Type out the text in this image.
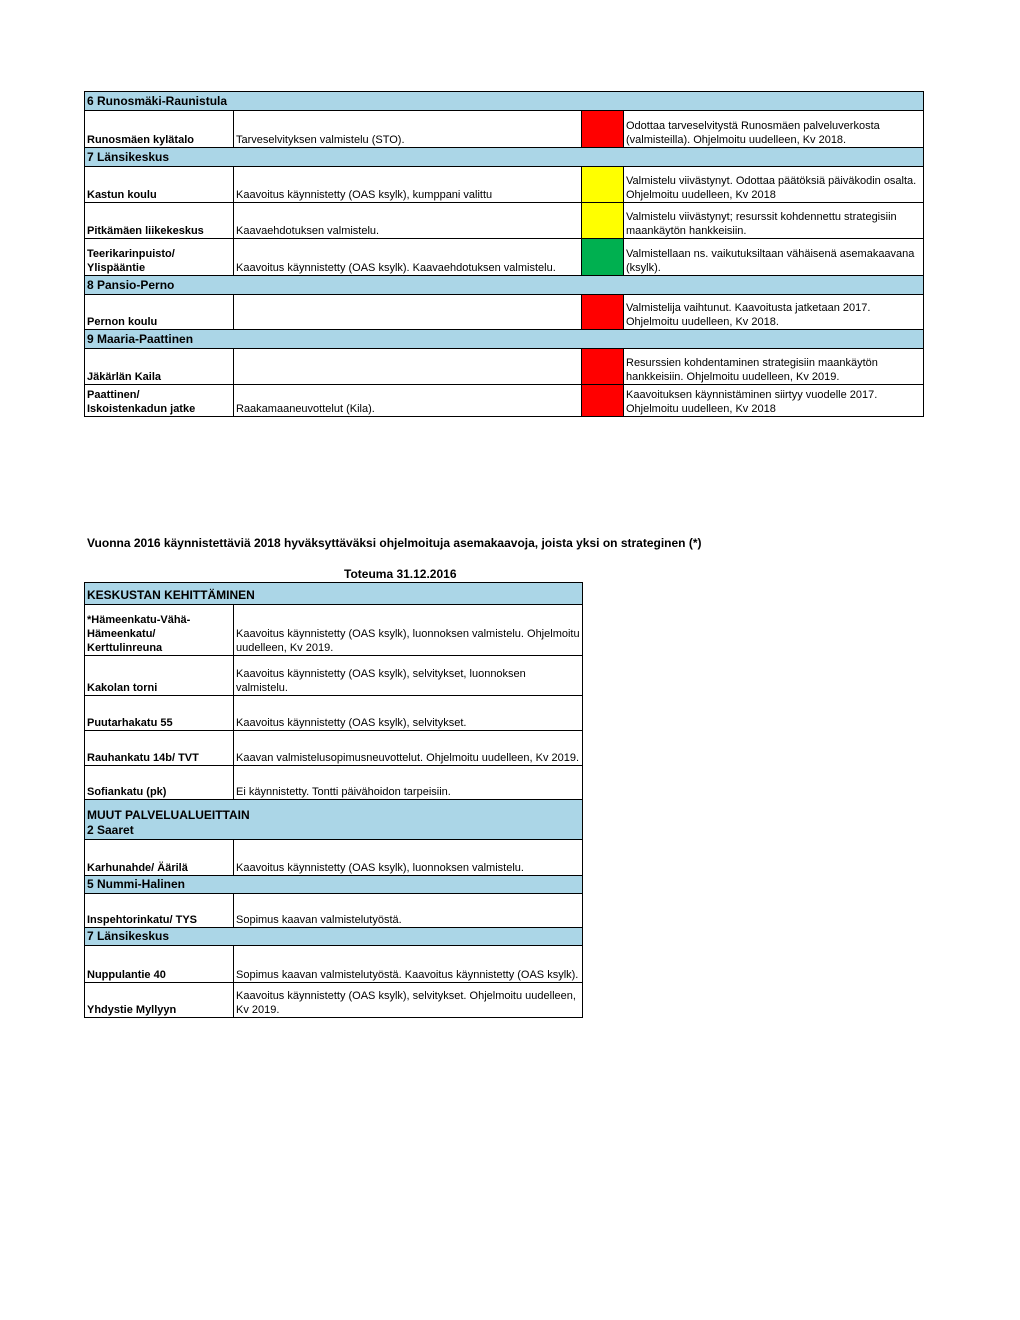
6 Runosmäki-Raunistula			
Runosmäen kylätalo	Tarveselvityksen valmistelu (STO).		Odottaa tarveselvitystä Runosmäen palveluverkosta (valmisteilla). Ohjelmoitu uudelleen, Kv 2018.
7 Länsikeskus			
Kastun koulu	Kaavoitus käynnistetty (OAS ksylk), kumppani valittu		Valmistelu viivästynyt. Odottaa päätöksiä päiväkodin osalta. Ohjelmoitu uudelleen, Kv 2018
Pitkämäen liikekeskus	Kaavaehdotuksen valmistelu.		Valmistelu viivästynyt; resurssit kohdennettu strategisiin maankäytön hankkeisiin.

Teerikarinpuisto/
Ylispääntie	Kaavoitus käynnistetty (OAS ksylk). Kaavaehdotuksen valmistelu.		Valmistellaan ns. vaikutuksiltaan vähäisenä asemakaavana (ksylk).
8 Pansio-Perno			
Pernon koulu			Valmistelija vaihtunut. Kaavoitusta jatketaan 2017. Ohjelmoitu uudelleen, Kv 2018.
9 Maaria-Paattinen			
Jäkärlän Kaila			Resurssien kohdentaminen strategisiin maankäytön hankkeisiin. Ohjelmoitu uudelleen, Kv 2019.

Paattinen/
Iskoistenkadun jatke	Raakamaaneuvottelut (Kila).		Kaavoituksen käynnistäminen siirtyy vuodelle 2017. Ohjelmoitu uudelleen, Kv 2018
Vuonna 2016 käynnistettäviä 2018 hyväksyttäväksi ohjelmoituja asemakaavoja, joista yksi on strateginen (*)
Toteuma 31.12.2016
KESKUSTAN KEHITTÄMINEN	

*Hämeenkatu-Vähä-
Hämeenkatu/
Kerttulinreuna	Kaavoitus käynnistetty (OAS ksylk), luonnoksen valmistelu. Ohjelmoitu uudelleen, Kv 2019.
Kakolan torni	Kaavoitus käynnistetty (OAS ksylk), selvitykset, luonnoksen valmistelu.
Puutarhakatu 55	Kaavoitus käynnistetty (OAS ksylk), selvitykset.
Rauhankatu 14b/ TVT	Kaavan valmistelusopimusneuvottelut. Ohjelmoitu uudelleen, Kv 2019.
Sofiankatu (pk)	Ei käynnistetty. Tontti päivähoidon tarpeisiin.

MUUT PALVELUALUEITTAIN
2 Saaret	

Karhunahde/ Äärilä	Kaavoitus käynnistetty (OAS ksylk), luonnoksen valmistelu.
5 Nummi-Halinen	
Inspehtorinkatu/ TYS	Sopimus kaavan valmistelutyöstä.
7 Länsikeskus	
Nuppulantie 40	Sopimus kaavan valmistelutyöstä. Kaavoitus käynnistetty (OAS ksylk).
Yhdystie Myllyyn	Kaavoitus käynnistetty (OAS ksylk), selvitykset. Ohjelmoitu uudelleen, Kv 2019.
